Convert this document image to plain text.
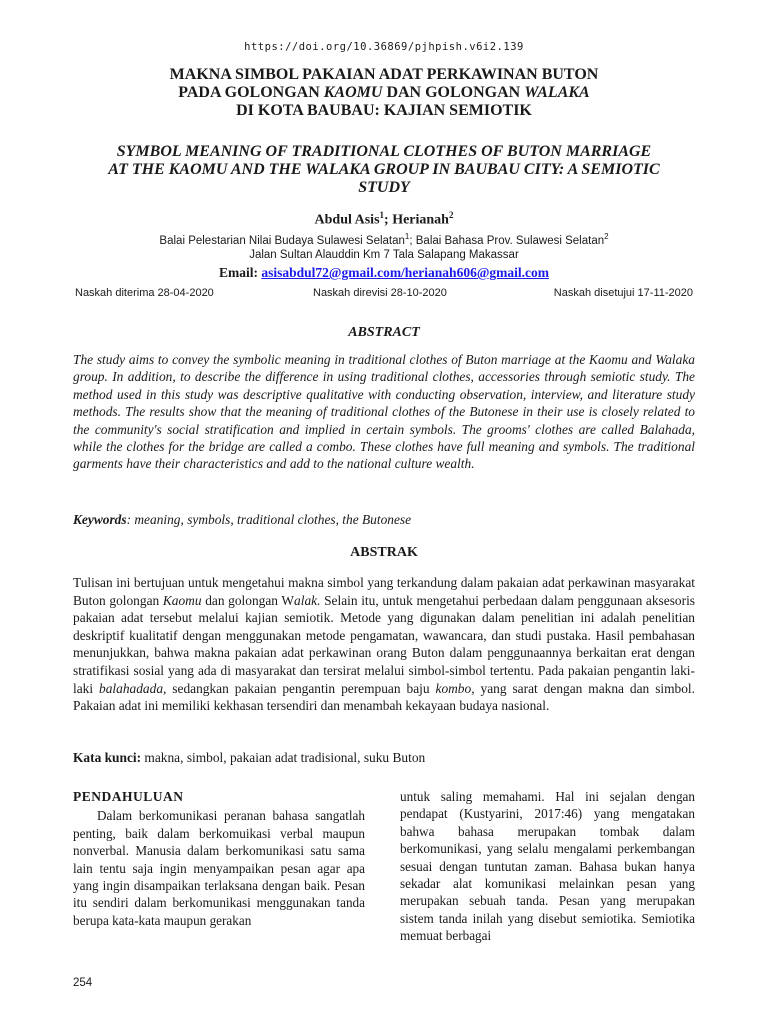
https://doi.org/10.36869/pjhpish.v6i2.139
MAKNA SIMBOL PAKAIAN ADAT PERKAWINAN BUTON
PADA GOLONGAN KAOMU DAN GOLONGAN WALAKA
DI KOTA BAUBAU: KAJIAN SEMIOTIK
SYMBOL MEANING OF TRADITIONAL CLOTHES OF BUTON MARRIAGE
AT THE KAOMU AND THE WALAKA GROUP IN BAUBAU CITY: A SEMIOTIC
STUDY
Abdul Asis$^1$; Herianah$^2$
Balai Pelestarian Nilai Budaya Sulawesi Selatan$^1$; Balai Bahasa Prov. Sulawesi Selatan$^2$
Jalan Sultan Alauddin Km 7 Tala Salapang Makassar
Email: asisabdul72@gmail.com/herianah606@gmail.com
Naskah diterima 28-04-2020	Naskah direvisi 28-10-2020	Naskah disetujui 17-11-2020
ABSTRACT

The study aims to convey the symbolic meaning in traditional clothes of Buton marriage at the Kaomu and Walaka group. In addition, to describe the difference in using traditional clothes, accessories through semiotic study. The method used in this study was descriptive qualitative with conducting observation, interview, and literature study methods. The results show that the meaning of traditional clothes of the Butonese in their use is closely related to the community's social stratification and implied in certain symbols. The grooms' clothes are called Balahada, while the clothes for the bridge are called a combo. These clothes have full meaning and symbols. The traditional garments have their characteristics and add to the national culture wealth.

Keywords: meaning, symbols, traditional clothes, the Butonese
ABSTRAK

Tulisan ini bertujuan untuk mengetahui makna simbol yang terkandung dalam pakaian adat perkawinan masyarakat Buton golongan Kaomu dan golongan Walak. Selain itu, untuk mengetahui perbedaan dalam penggunaan aksesoris pakaian adat tersebut melalui kajian semiotik. Metode yang digunakan dalam penelitian ini adalah penelitian deskriptif kualitatif dengan menggunakan metode pengamatan, wawancara, dan studi pustaka. Hasil pembahasan menunjukkan, bahwa makna pakaian adat perkawinan orang Buton dalam penggunaannya berkaitan erat dengan stratifikasi sosial yang ada di masyarakat dan tersirat melalui simbol-simbol tertentu. Pada pakaian pengantin laki-laki balahadada, sedangkan pakaian pengantin perempuan baju kombo, yang sarat dengan makna dan simbol. Pakaian adat ini memiliki kekhasan tersendiri dan menambah kekayaan budaya nasional.

Kata kunci: makna, simbol, pakaian adat tradisional, suku Buton
PENDAHULUAN

Dalam berkomunikasi peranan bahasa sangatlah penting, baik dalam berkomuikasi verbal maupun nonverbal. Manusia dalam berkomunikasi satu sama lain tentu saja ingin menyampaikan pesan agar apa yang ingin disampaikan terlaksana dengan baik. Pesan itu sendiri dalam berkomunikasi menggunakan tanda berupa kata-kata maupun gerakan

untuk saling memahami. Hal ini sejalan dengan pendapat (Kustyarini, 2017:46) yang mengatakan bahwa bahasa merupakan tombak dalam berkomunikasi, yang selalu mengalami perkembangan sesuai dengan tuntutan zaman. Bahasa bukan hanya sekadar alat komunikasi melainkan pesan yang merupakan sebuah tanda. Pesan yang merupakan sistem tanda inilah yang disebut semiotika. Semiotika memuat berbagai

254
